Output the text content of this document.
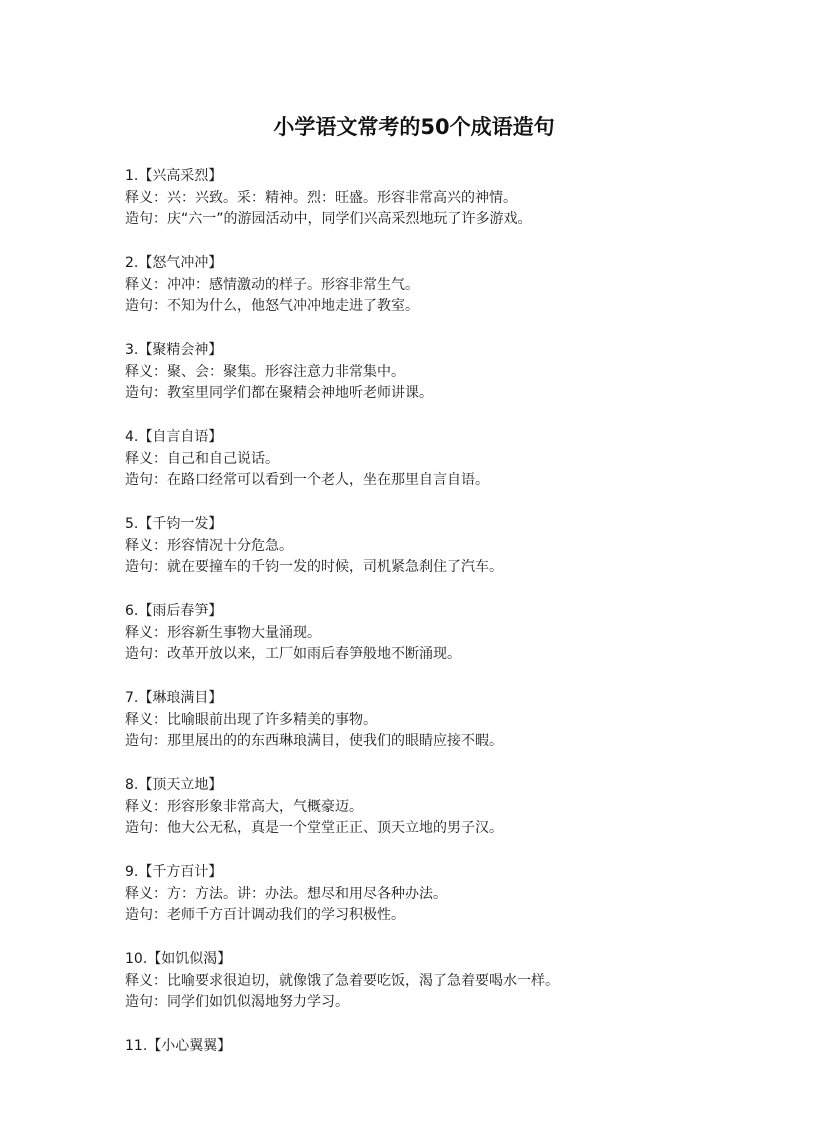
小学语文常考的50个成语造句
1. 【兴高采烈】
释义：兴：兴致。采：精神。烈：旺盛。形容非常高兴的神情。
造句：庆“六一”的游园活动中，同学们兴高采烈地玩了许多游戏。
2. 【怒气冲冲】
释义：冲冲：感情激动的样子。形容非常生气。
造句：不知为什么，他怒气冲冲地走进了教室。
3. 【聚精会神】
释义：聚、会：聚集。形容注意力非常集中。
造句：教室里同学们都在聚精会神地听老师讲课。
4. 【自言自语】
释义：自己和自己说话。
造句：在路口经常可以看到一个老人，坐在那里自言自语。
5. 【千钧一发】
释义：形容情况十分危急。
造句：就在要撞车的千钧一发的时候，司机紧急刹住了汽车。
6. 【雨后春笋】
释义：形容新生事物大量涌现。
造句：改革开放以来，工厂如雨后春笋般地不断涌现。
7. 【琳琅满目】
释义：比喻眼前出现了许多精美的事物。
造句：那里展出的的东西琳琅满目，使我们的眼睛应接不暇。
8. 【顶天立地】
释义：形容形象非常高大，气概豪迈。
造句：他大公无私，真是一个堂堂正正、顶天立地的男子汉。
9. 【千方百计】
释义：方：方法。讲：办法。想尽和用尽各种办法。
造句：老师千方百计调动我们的学习积极性。
10. 【如饥似渴】
释义：比喻要求很迫切，就像饿了急着要吃饭，渴了急着要喝水一样。
造句：同学们如饥似渴地努力学习。
11. 【小心翼翼】
